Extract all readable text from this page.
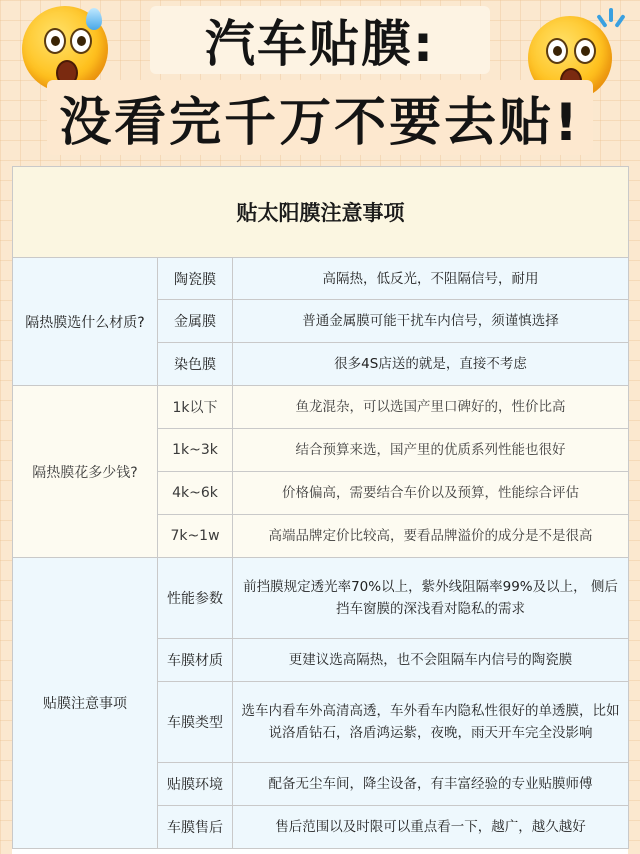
汽车贴膜:
没看完千万不要去贴!
贴太阳膜注意事项		
隔热膜选什么材质?	陶瓷膜	高隔热，低反光，不阻隔信号，耐用
	金属膜	普通金属膜可能干扰车内信号，须谨慎选择
	染色膜	很多4S店送的就是，直接不考虑
隔热膜花多少钱?	1k以下	鱼龙混杂，可以选国产里口碑好的，性价比高
	1k~3k	结合预算来选，国产里的优质系列性能也很好
	4k~6k	价格偏高，需要结合车价以及预算，性能综合评估
	7k~1w	高端品牌定价比较高，要看品牌溢价的成分是不是很高
贴膜注意事项	性能参数	前挡膜规定透光率70%以上，紫外线阻隔率99%及以上， 侧后挡车窗膜的深浅看对隐私的需求
	车膜材质	更建议选高隔热，也不会阻隔车内信号的陶瓷膜
	车膜类型	选车内看车外高清高透，车外看车内隐私性很好的单透膜，比如说洛盾钻石，洛盾鸿运紫，夜晚，雨天开车完全没影响
	贴膜环境	配备无尘车间，降尘设备，有丰富经验的专业贴膜师傅
	车膜售后	售后范围以及时限可以重点看一下，越广，越久越好
